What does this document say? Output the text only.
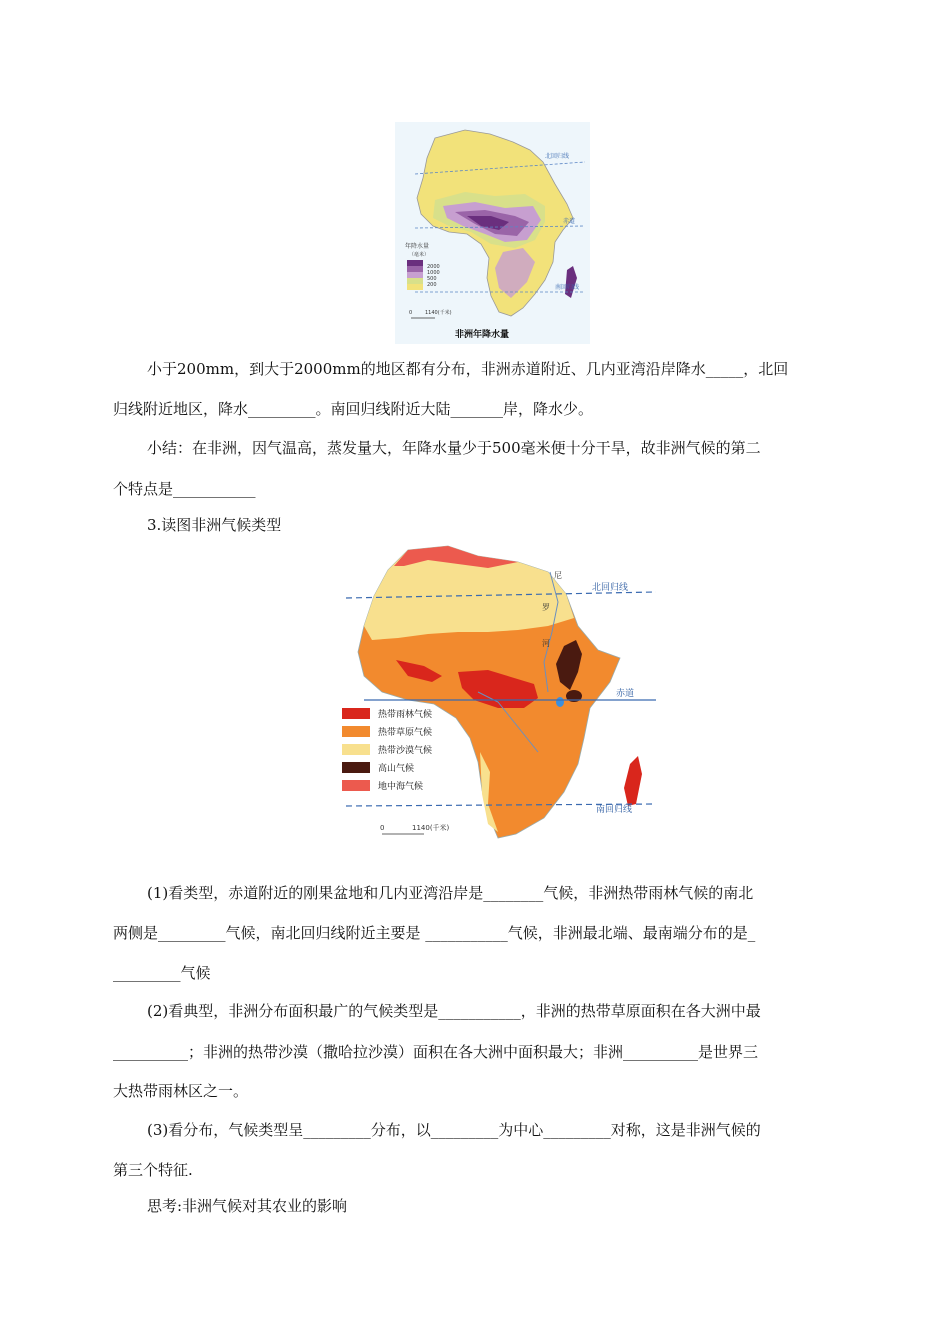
北回归线
赤道
南回归线
年降水量
（毫米）
2000
1000
500
200
0	1140(千米)
非洲年降水量
小于200mm，到大于2000mm的地区都有分布，非洲赤道附近、几内亚湾沿岸降水_____，北回
归线附近地区，降水_________。南回归线附近大陆_______岸，降水少。
小结：在非洲，因气温高，蒸发量大，年降水量少于500毫米便十分干旱，故非洲气候的第二
个特点是___________
3.读图非洲气候类型
北回归线
赤道
南回归线
尼
罗
河
热带雨林气候
热带草原气候
热带沙漠气候
高山气候
地中海气候
0	1140(千米)
(1)看类型，赤道附近的刚果盆地和几内亚湾沿岸是________气候，非洲热带雨林气候的南北
两侧是_________气候，南北回归线附近主要是 ___________气候，非洲最北端、最南端分布的是_
_________气候
(2)看典型，非洲分布面积最广的气候类型是___________，非洲的热带草原面积在各大洲中最
__________；非洲的热带沙漠（撒哈拉沙漠）面积在各大洲中面积最大；非洲__________是世界三
大热带雨林区之一。
(3)看分布，气候类型呈_________分布，以_________为中心_________对称，这是非洲气候的
第三个特征.
思考:非洲气候对其农业的影响
